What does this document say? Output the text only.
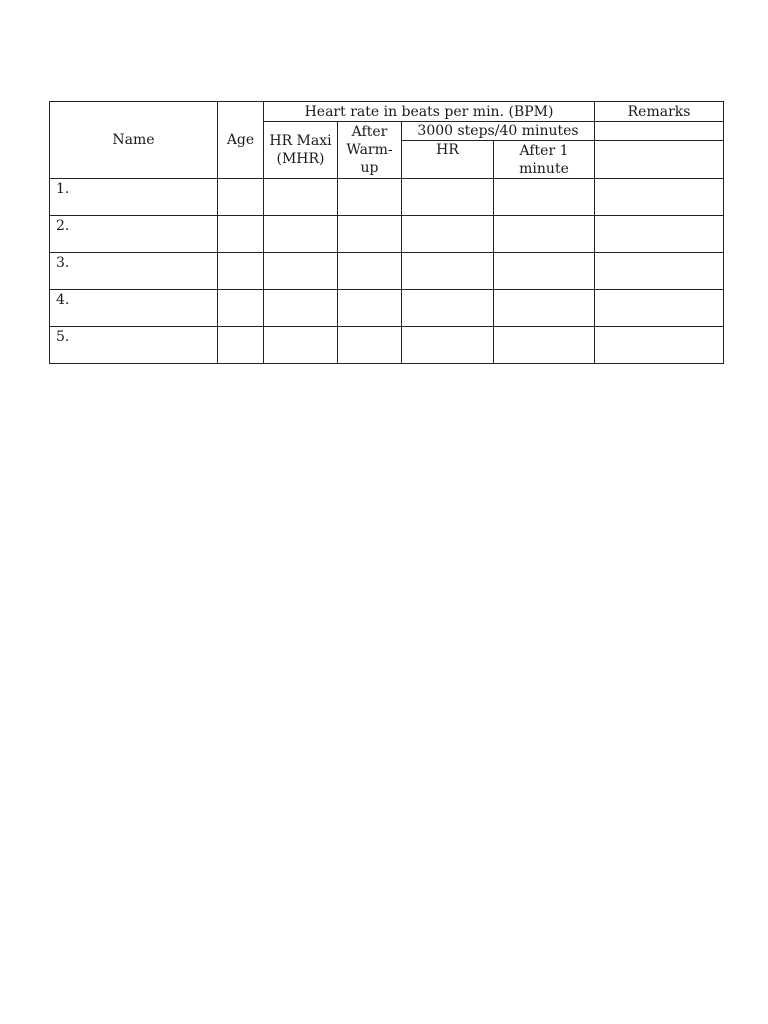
Name	Age	Heart rate in beats per min. (BPM)				Remarks
		HR Maxi (MHR)	After Warm-up	3000 steps/40 minutes		
				HR	After 1 minute	
1.						
2.						
3.						
4.						
5.						
